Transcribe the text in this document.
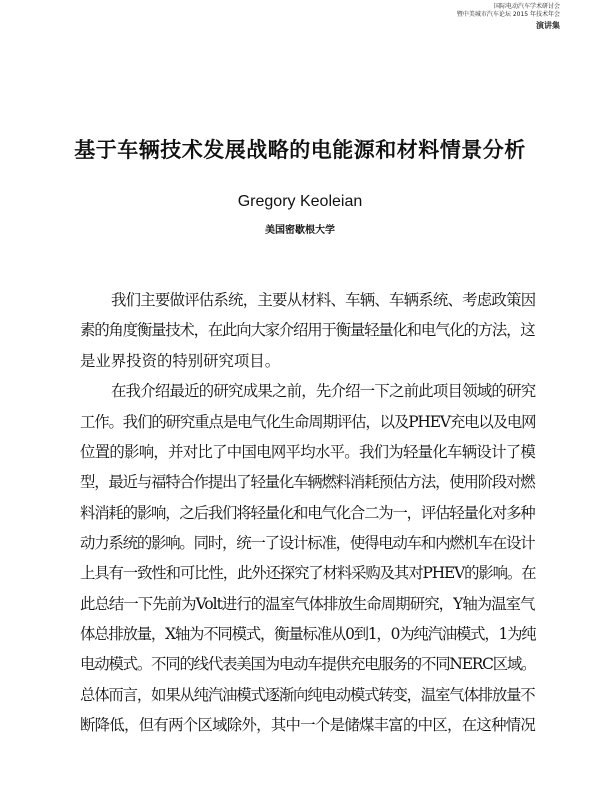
国际电动汽车学术研讨会
暨中美城市汽车论坛 2015 年技术年会
演讲集
基于车辆技术发展战略的电能源和材料情景分析
Gregory Keoleian
美国密歇根大学
我们主要做评估系统，主要从材料、车辆、车辆系统、考虑政策因
素的角度衡量技术，在此向大家介绍用于衡量轻量化和电气化的方法，这
是业界投资的特别研究项目。
在我介绍最近的研究成果之前，先介绍一下之前此项目领域的研究
工作。我们的研究重点是电气化生命周期评估，以及PHEV充电以及电网
位置的影响，并对比了中国电网平均水平。我们为轻量化车辆设计了模
型，最近与福特合作提出了轻量化车辆燃料消耗预估方法，使用阶段对燃
料消耗的影响，之后我们将轻量化和电气化合二为一，评估轻量化对多种
动力系统的影响。同时，统一了设计标准，使得电动车和内燃机车在设计
上具有一致性和可比性，此外还探究了材料采购及其对PHEV的影响。在
此总结一下先前为Volt进行的温室气体排放生命周期研究，Y轴为温室气
体总排放量，X轴为不同模式，衡量标准从0到1，0为纯汽油模式，1为纯
电动模式。不同的线代表美国为电动车提供充电服务的不同NERC区域。
总体而言，如果从纯汽油模式逐渐向纯电动模式转变，温室气体排放量不
断降低，但有两个区域除外，其中一个是储煤丰富的中区，在这种情况
